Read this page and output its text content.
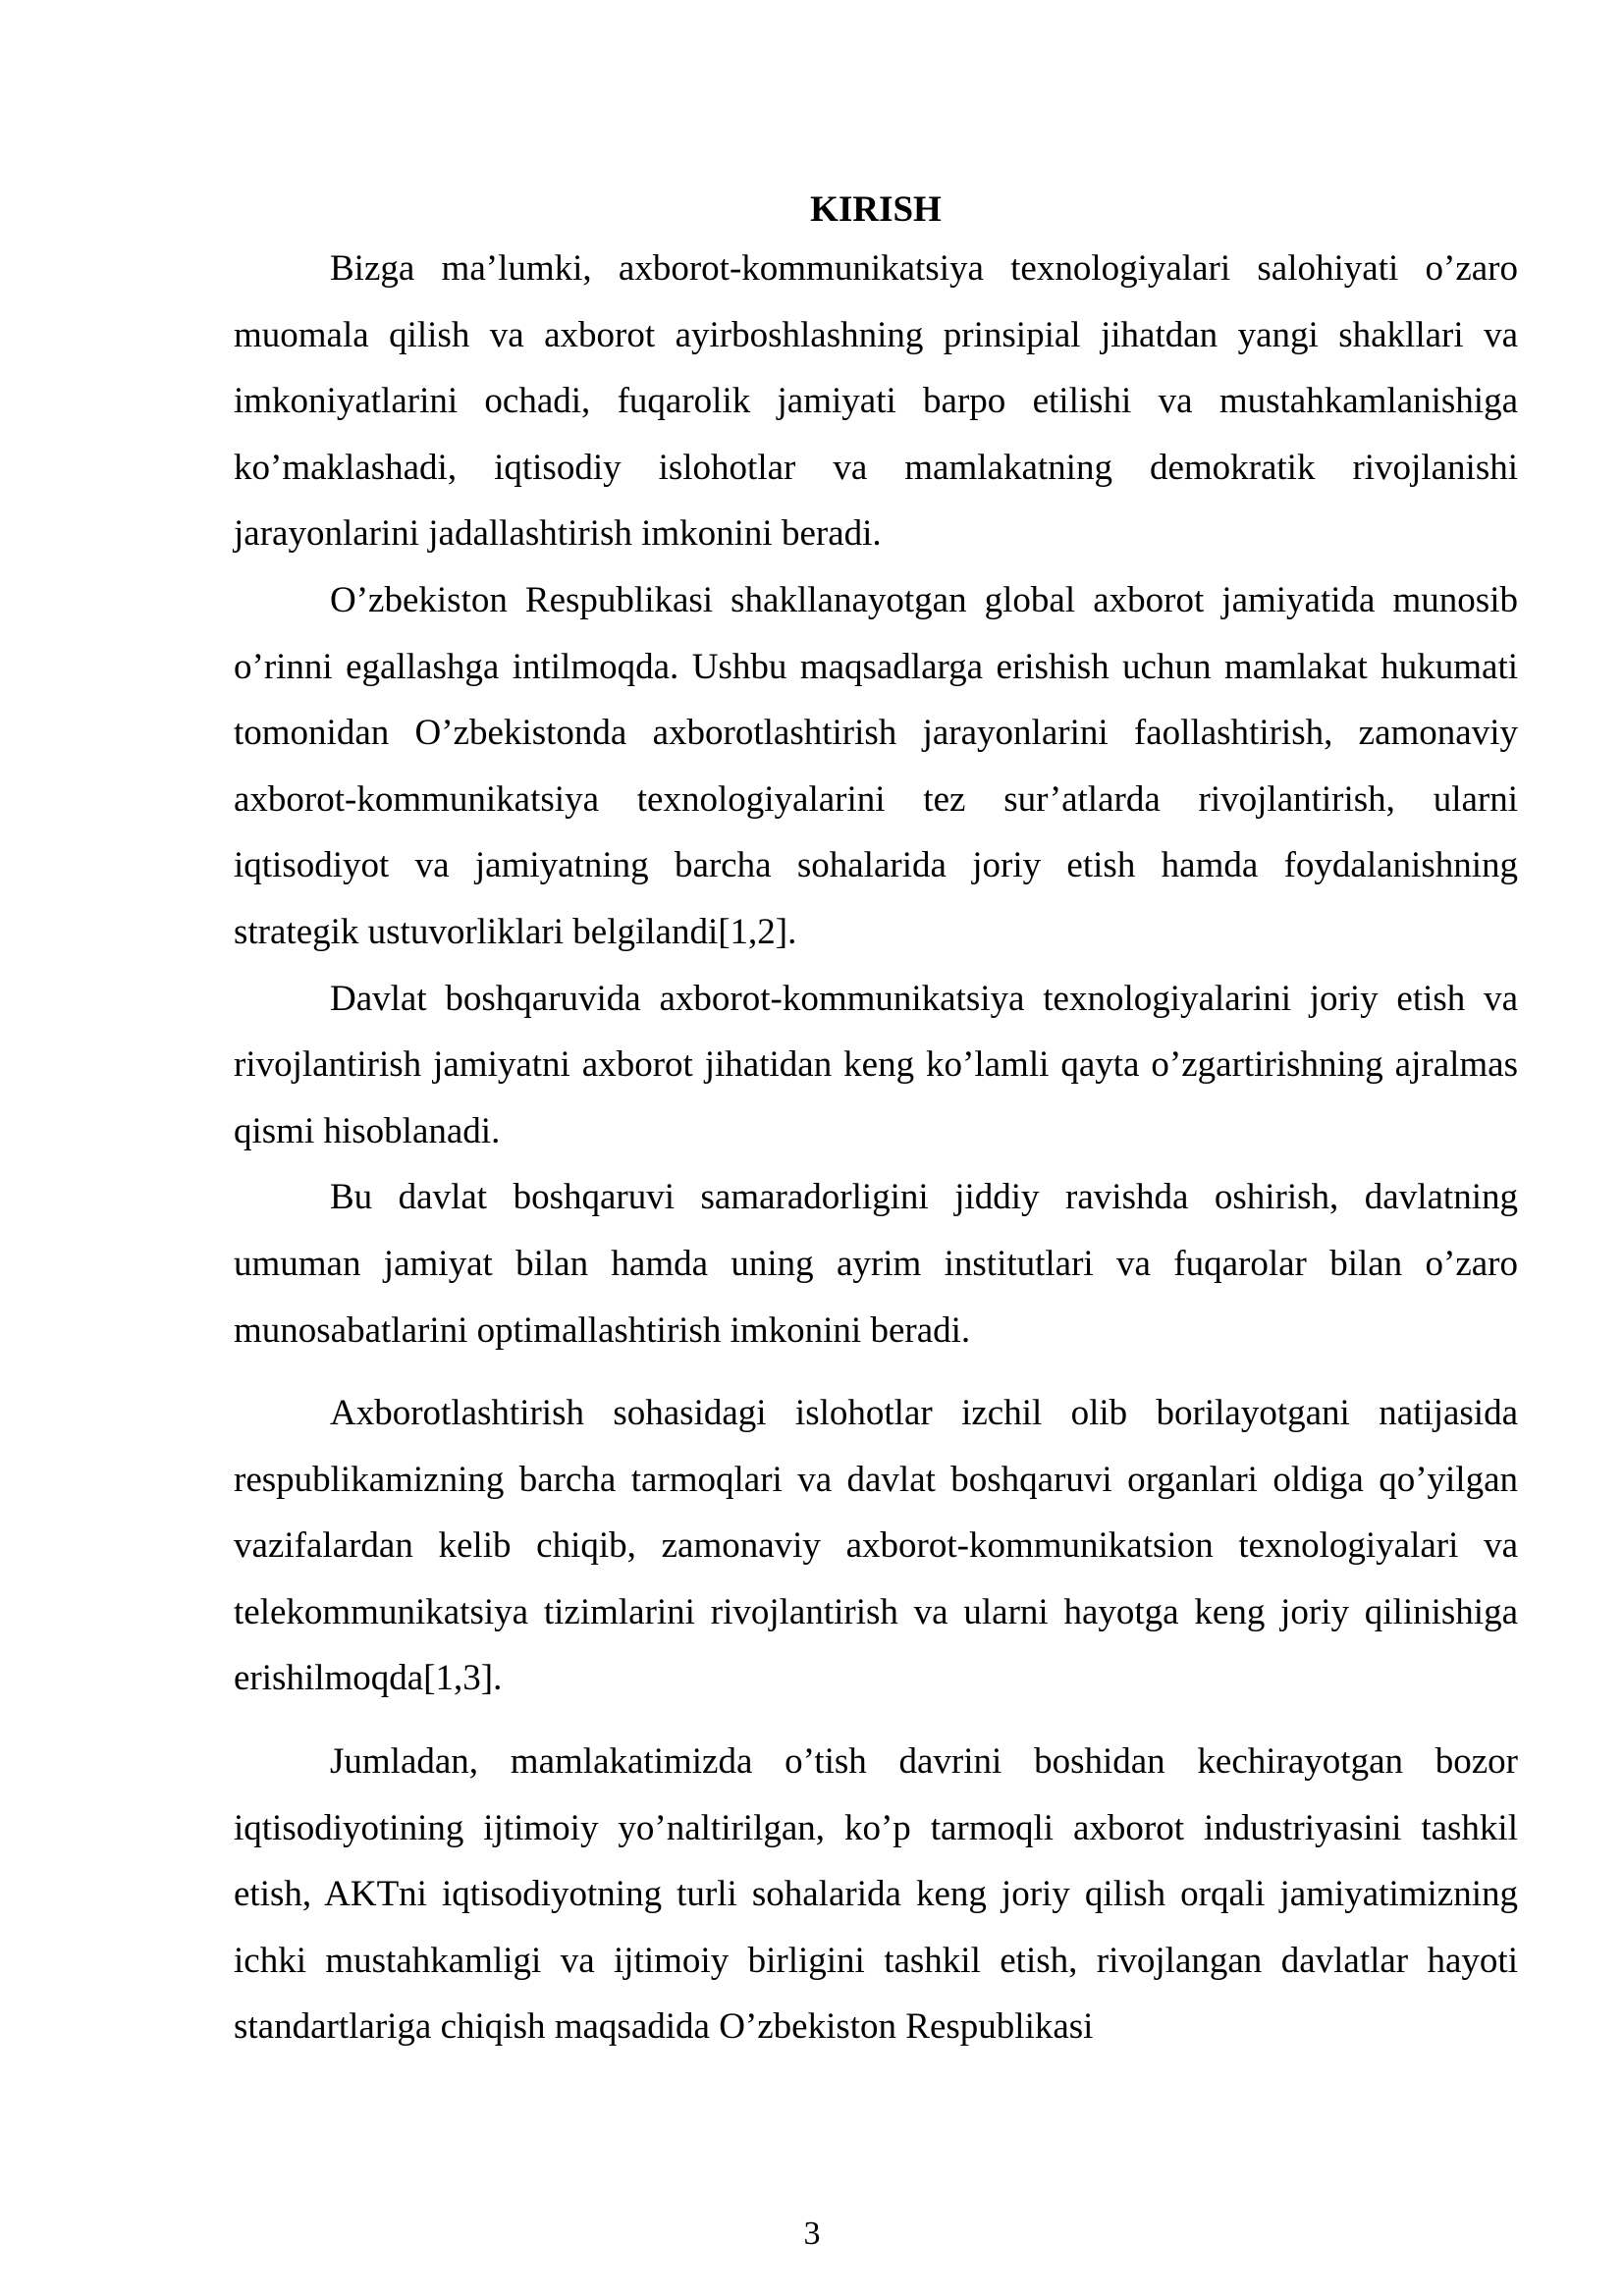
KIRISH

Bizga ma’lumki, axborot-kommunikatsiya texnologiyalari salohiyati o’zaro muomala qilish va axborot ayirboshlashning prinsipial jihatdan yangi shakllari va imkoniyatlarini ochadi, fuqarolik jamiyati barpo etilishi va mustahkamlanishiga ko’maklashadi, iqtisodiy islohotlar va mamlakatning demokratik rivojlanishi jarayonlarini jadallashtirish imkonini beradi.

O’zbekiston Respublikasi shakllanayotgan global axborot jamiyatida munosib o’rinni egallashga intilmoqda. Ushbu maqsadlarga erishish uchun mamlakat hukumati tomonidan O’zbekistonda axborotlashtirish jarayonlarini faollashtirish, zamonaviy axborot-kommunikatsiya texnologiyalarini tez sur’atlarda rivojlantirish, ularni iqtisodiyot va jamiyatning barcha sohalarida joriy etish hamda foydalanishning strategik ustuvorliklari belgilandi[1,2].

Davlat boshqaruvida axborot-kommunikatsiya texnologiyalarini joriy etish va rivojlantirish jamiyatni axborot jihatidan keng ko’lamli qayta o’zgartirishning ajralmas qismi hisoblanadi.

Bu davlat boshqaruvi samaradorligini jiddiy ravishda oshirish, davlatning umuman jamiyat bilan hamda uning ayrim institutlari va fuqarolar bilan o’zaro munosabatlarini optimallashtirish imkonini beradi.

Axborotlashtirish sohasidagi islohotlar izchil olib borilayotgani natijasida respublikamizning barcha tarmoqlari va davlat boshqaruvi organlari oldiga qo’yilgan vazifalardan kelib chiqib, zamonaviy axborot-kommunikatsion texnologiyalari va telekommunikatsiya tizimlarini rivojlantirish va ularni hayotga keng joriy qilinishiga erishilmoqda[1,3].

Jumladan, mamlakatimizda o’tish davrini boshidan kechirayotgan bozor iqtisodiyotining ijtimoiy yo’naltirilgan, ko’p tarmoqli axborot industriyasini tashkil etish, AKTni iqtisodiyotning turli sohalarida keng joriy qilish orqali jamiyatimizning ichki mustahkamligi va ijtimoiy birligini tashkil etish, rivojlangan davlatlar hayoti standartlariga chiqish maqsadida O’zbekiston Respublikasi

3
